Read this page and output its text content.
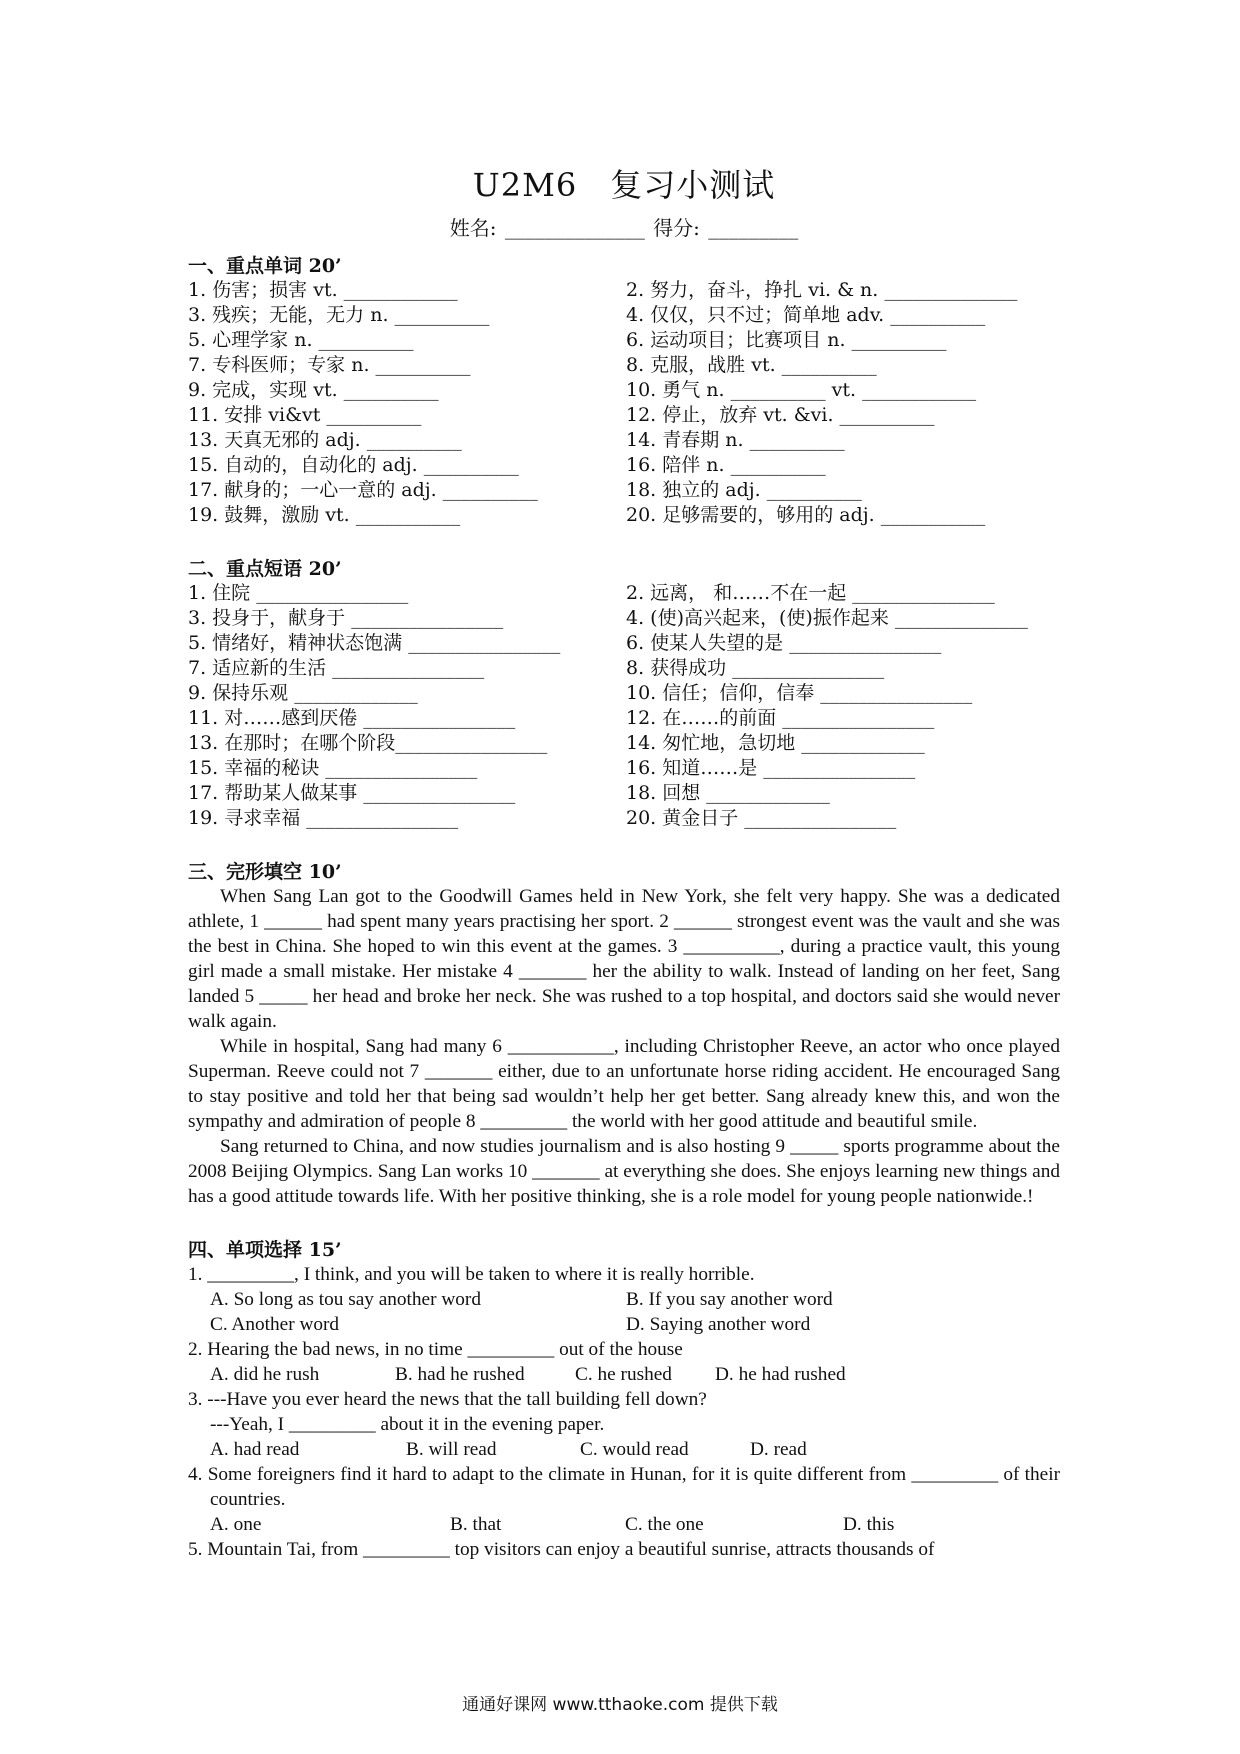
U2M6　复习小测试
姓名: ______________ 得分: _________
一、重点单词 20’
1. 伤害；损害 vt. ____________	2. 努力，奋斗，挣扎 vi. & n. ______________
3. 残疾；无能，无力 n. __________	4. 仅仅，只不过；简单地 adv. __________
5. 心理学家 n. __________	6. 运动项目；比赛项目 n. __________
7. 专科医师；专家 n. __________	8. 克服，战胜 vt. __________
9. 完成，实现 vt. __________	10. 勇气 n. __________ vt. ____________
11. 安排 vi&vt __________	12. 停止，放弃 vt. &vi. __________
13. 天真无邪的 adj. __________	14. 青春期 n. __________
15. 自动的，自动化的 adj. __________	16. 陪伴 n. __________
17. 献身的；一心一意的 adj. __________	18. 独立的 adj. __________
19. 鼓舞，激励 vt. ___________	20. 足够需要的，够用的 adj. ___________
二、重点短语 20’
1. 住院 ________________	2. 远离， 和……不在一起 _______________
3. 投身于，献身于 ________________	4. (使)高兴起来，(使)振作起来 ______________
5. 情绪好，精神状态饱满 ________________	6. 使某人失望的是 ________________
7. 适应新的生活 ________________	8. 获得成功 ________________
9. 保持乐观 _____________	10. 信任；信仰，信奉 ________________
11. 对……感到厌倦 ________________	12. 在……的前面 ________________
13. 在那时；在哪个阶段________________	14. 匆忙地，急切地 _____________
15. 幸福的秘诀 ________________	16. 知道……是 ________________
17. 帮助某人做某事 ________________	18. 回想 _____________
19. 寻求幸福 ________________	20. 黄金日子 ________________
三、完形填空 10’

When Sang Lan got to the Goodwill Games held in New York, she felt very happy. She was a dedicated athlete, 1 ______ had spent many years practising her sport. 2 ______ strongest event was the vault and she was the best in China. She hoped to win this event at the games. 3 __________, during a practice vault, this young girl made a small mistake. Her mistake 4 _______ her the ability to walk. Instead of landing on her feet, Sang landed 5 _____ her head and broke her neck. She was rushed to a top hospital, and doctors said she would never walk again.

While in hospital, Sang had many 6 ___________, including Christopher Reeve, an actor who once played Superman. Reeve could not 7 _______ either, due to an unfortunate horse riding accident. He encouraged Sang to stay positive and told her that being sad wouldn’t help her get better. Sang already knew this, and won the sympathy and admiration of people 8 _________ the world with her good attitude and beautiful smile.

Sang returned to China, and now studies journalism and is also hosting 9 _____ sports programme about the 2008 Beijing Olympics. Sang Lan works 10 _______ at everything she does. She enjoys learning new things and has a good attitude towards life. With her positive thinking, she is a role model for young people nationwide.!

四、单项选择 15’
1. _________, I think, and you will be taken to where it is really horrible.
A. So long as tou say another word	B. If you say another word
C. Another word	D. Saying another word
2. Hearing the bad news, in no time _________ out of the house
A. did he rush	B. had he rushed	C. he rushed	D. he had rushed
3. ---Have you ever heard the news that the tall building fell down?
---Yeah, I _________ about it in the evening paper.
A. had read	B. will read	C. would read	D. read
4. Some foreigners find it hard to adapt to the climate in Hunan, for it is quite different from _________ of their countries.
A. one	B. that	C. the one	D. this
5. Mountain Tai, from _________ top visitors can enjoy a beautiful sunrise, attracts thousands of
通通好课网 www.tthaoke.com 提供下载
